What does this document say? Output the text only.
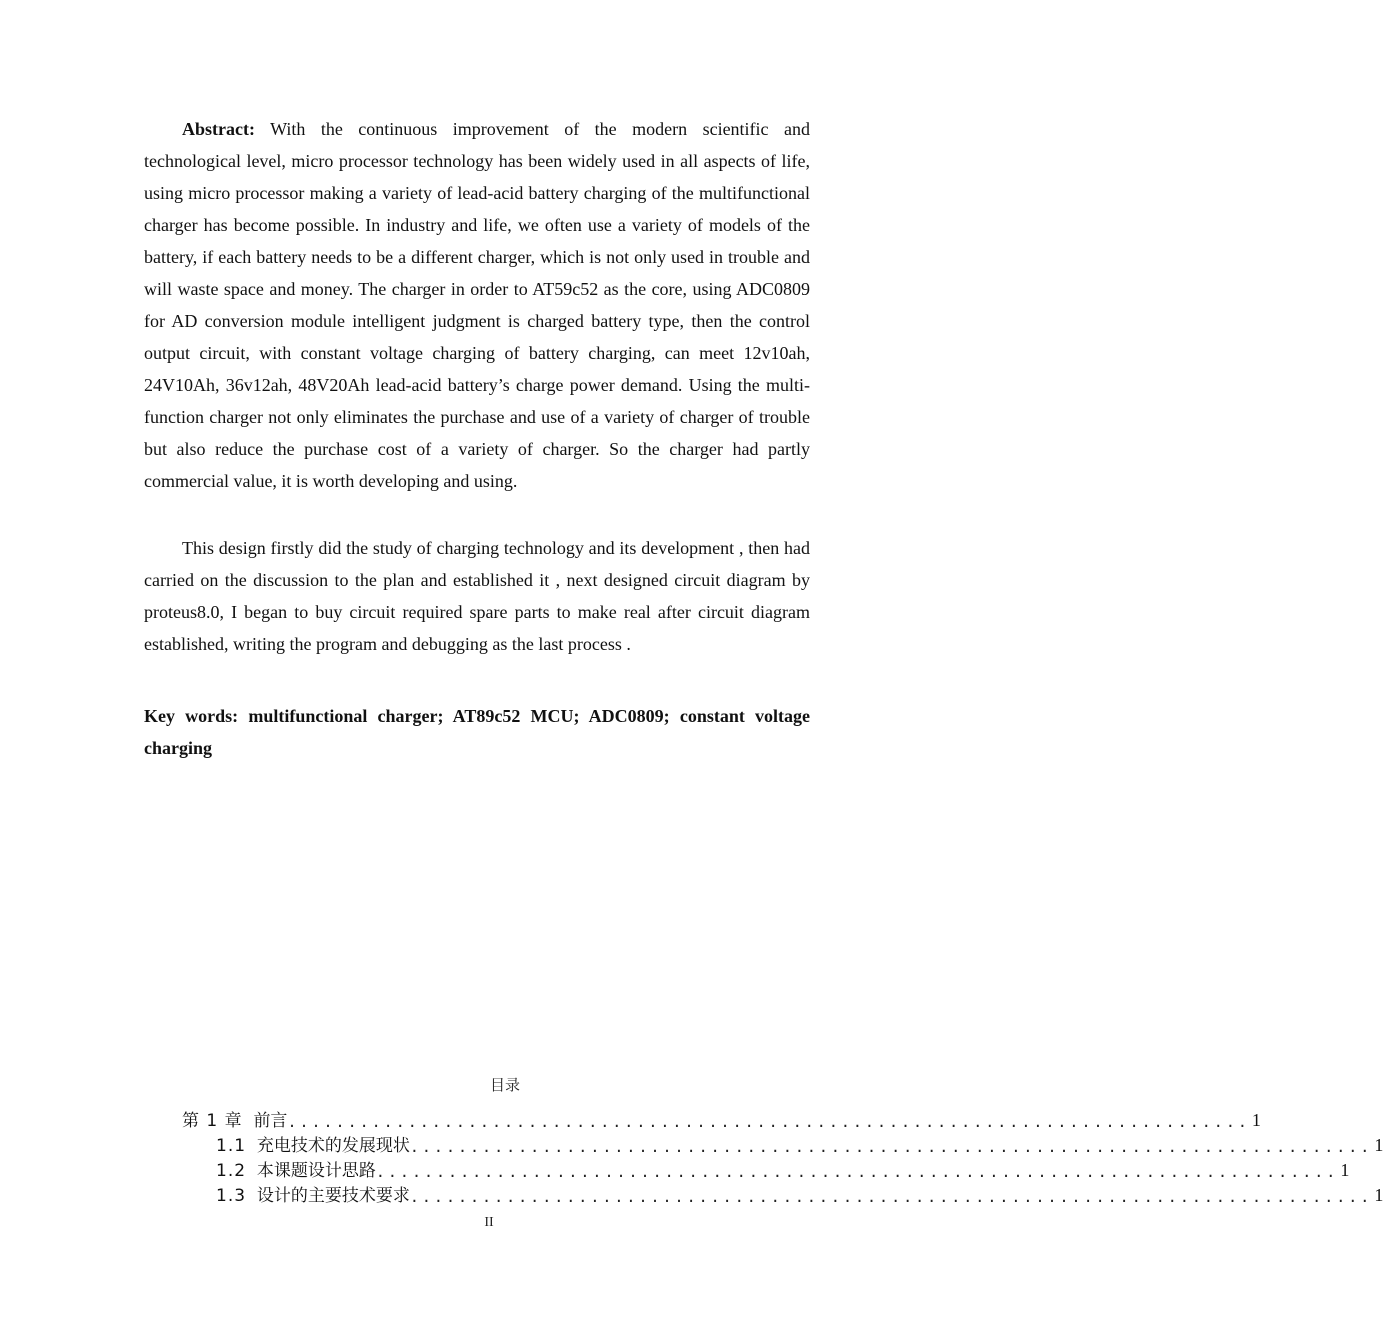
Abstract: With the continuous improvement of the modern scientific and technological level, micro processor technology has been widely used in all aspects of life, using micro processor making a variety of lead-acid battery charging of the multifunctional charger has become possible. In industry and life, we often use a variety of models of the battery, if each battery needs to be a different charger, which is not only used in trouble and will waste space and money. The charger in order to AT59c52 as the core, using ADC0809 for AD conversion module intelligent judgment is charged battery type, then the control output circuit, with constant voltage charging of battery charging, can meet 12v10ah, 24V10Ah, 36v12ah, 48V20Ah lead-acid battery’s charge power demand. Using the multi-function charger not only eliminates the purchase and use of a variety of charger of trouble but also reduce the purchase cost of a variety of charger. So the charger had partly commercial value, it is worth developing and using.

This design firstly did the study of charging technology and its development , then had carried on the discussion to the plan and established it , next designed circuit diagram by proteus8.0, I began to buy circuit required spare parts to make real after circuit diagram established, writing the program and debugging as the last process .

Key words: multifunctional charger; AT89c52 MCU; ADC0809; constant voltage charging

目录
第 1 章 前言 ................................................................................ 1
1.1 充电技术的发展现状 ................................................................................ 1
1.2 本课题设计思路 ................................................................................ 1
1.3 设计的主要技术要求 ................................................................................ 1
II
